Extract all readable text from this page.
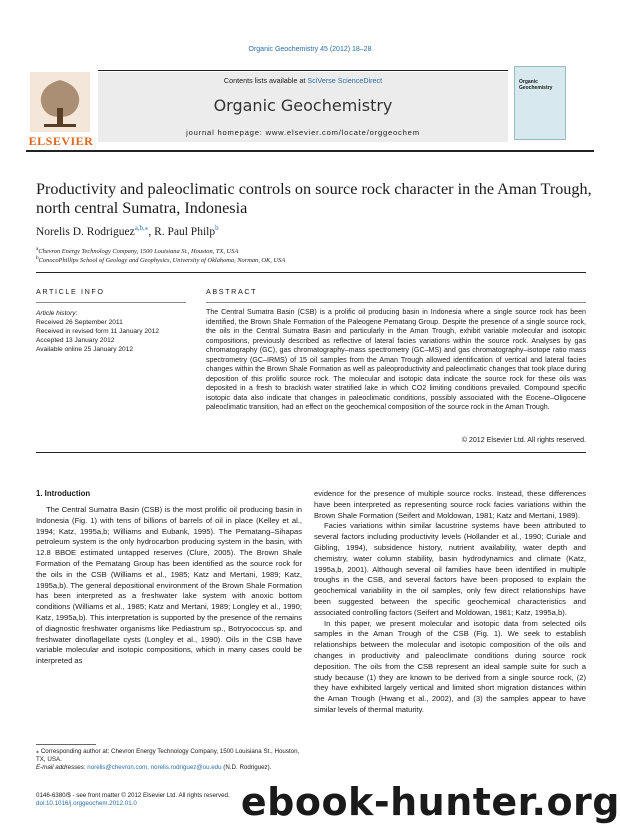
Organic Geochemistry 45 (2012) 18–28
Contents lists available at SciVerse ScienceDirect
Organic Geochemistry
journal homepage: www.elsevier.com/locate/orggeochem
ELSEVIER
Organic Geochemistry
Productivity and paleoclimatic controls on source rock character in the Aman Trough, north central Sumatra, Indonesia
Norelis D. Rodriguez$^{a,b,⁎}$, R. Paul Philp$^b$
$^a$Chevron Energy Technology Company, 1500 Louisiana St., Houston, TX, USA
$^b$ConocoPhillips School of Geology and Geophysics, University of Oklahoma, Norman, OK, USA
ARTICLE INFO
Article history:
Received 26 September 2011
Received in revised form 11 January 2012
Accepted 13 January 2012
Available online 25 January 2012
ABSTRACT
The Central Sumatra Basin (CSB) is a prolific oil producing basin in Indonesia where a single source rock has been identified, the Brown Shale Formation of the Paleogene Pematang Group. Despite the presence of a single source rock, the oils in the Central Sumatra Basin and particularly in the Aman Trough, exhibit variable molecular and isotopic compositions, previously described as reflective of lateral facies variations within the source rock. Analyses by gas chromatography (GC), gas chromatography–mass spectrometry (GC–MS) and gas chromatography–isotope ratio mass spectrometry (GC–IRMS) of 15 oil samples from the Aman Trough allowed identification of vertical and lateral facies changes within the Brown Shale Formation as well as paleoproductivity and paleoclimatic changes that took place during deposition of this prolific source rock. The molecular and isotopic data indicate the source rock for these oils was deposited in a fresh to brackish water stratified lake in which CO2 limiting conditions prevailed. Compound specific isotopic data also indicate that changes in paleoclimatic conditions, possibly associated with the Eocene–Oligocene paleoclimatic transition, had an effect on the geochemical composition of the source rock in the Aman Trough.
© 2012 Elsevier Ltd. All rights reserved.
1. Introduction

The Central Sumatra Basin (CSB) is the most prolific oil producing basin in Indonesia (Fig. 1) with tens of billions of barrels of oil in place (Kelley et al., 1994; Katz, 1995a,b; Williams and Eubank, 1995). The Pematang–Sihapas petroleum system is the only hydrocarbon producing system in the basin, with 12.8 BBOE estimated untapped reserves (Clure, 2005). The Brown Shale Formation of the Pematang Group has been identified as the source rock for the oils in the CSB (Williams et al., 1985; Katz and Mertani, 1989; Katz, 1995a,b). The general depositional environment of the Brown Shale Formation has been interpreted as a freshwater lake system with anoxic bottom conditions (Williams et al., 1985; Katz and Mertani, 1989; Longley et al., 1990; Katz, 1995a,b). This interpretation is supported by the presence of the remains of diagnostic freshwater organisms like Pediastrum sp., Botryococcus sp. and freshwater dinoflagellate cysts (Longley et al., 1990). Oils in the CSB have variable molecular and isotopic compositions, which in many cases could be interpreted as

evidence for the presence of multiple source rocks. Instead, these differences have been interpreted as representing source rock facies variations within the Brown Shale Formation (Seifert and Moldowan, 1981; Katz and Mertani, 1989).

Facies variations within similar lacustrine systems have been attributed to several factors including productivity levels (Hollander et al., 1990; Curiale and Gibling, 1994), subsidence history, nutrient availability, water depth and chemistry, water column stability, basin hydrodynamics and climate (Katz, 1995a,b, 2001). Although several oil families have been identified in multiple troughs in the CSB, and several factors have been proposed to explain the geochemical variability in the oil samples, only few direct relationships have been suggested between the specific geochemical characteristics and associated controlling factors (Seifert and Moldowan, 1981; Katz, 1995a,b).

In this paper, we present molecular and isotopic data from selected oils samples in the Aman Trough of the CSB (Fig. 1). We seek to establish relationships between the molecular and isotopic composition of the oils and changes in productivity and paleoclimate conditions during source rock deposition. The oils from the CSB represent an ideal sample suite for such a study because (1) they are known to be derived from a single source rock, (2) they have exhibited largely vertical and limited short migration distances within the Aman Trough (Hwang et al., 2002), and (3) the samples appear to have similar levels of thermal maturity.

⁎ Corresponding author at: Chevron Energy Technology Company, 1500 Louisiana St., Houston, TX, USA.
E-mail addresses: norelis@chevron.com, norelis.rodriguez@ou.edu (N.D. Rodriguez).
0146-6380/$ - see front matter © 2012 Elsevier Ltd. All rights reserved.
doi:10.1016/j.orggeochem.2012.01.0	ebook-hunter.org
